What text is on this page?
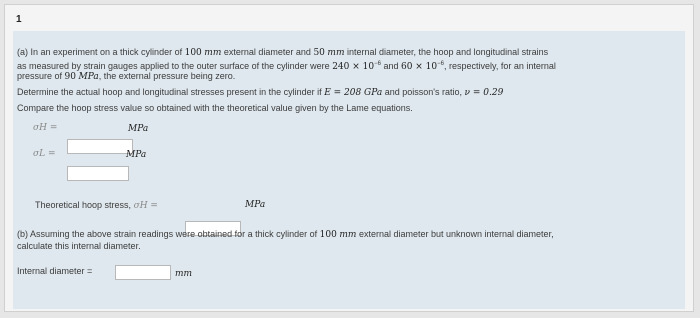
1
(a) In an experiment on a thick cylinder of 100 mm external diameter and 50 mm internal diameter, the hoop and longitudinal strains
as measured by strain gauges applied to the outer surface of the cylinder were $240 \times 10^{-6}$ and $60 \times 10^{-6}$, respectively, for an internal
pressure of 90 MPa, the external pressure being zero.
Determine the actual hoop and longitudinal stresses present in the cylinder if E = 208 GPa and poisson's ratio, ν = 0.29
Compare the hoop stress value so obtained with the theoretical value given by the Lame equations.
σH =	MPa
σL =	MPa
Theoretical hoop stress, σH =	MPa
(b) Assuming the above strain readings were obtained for a thick cylinder of 100 mm external diameter but unknown internal diameter,
calculate this internal diameter.
Internal diameter =	mm
